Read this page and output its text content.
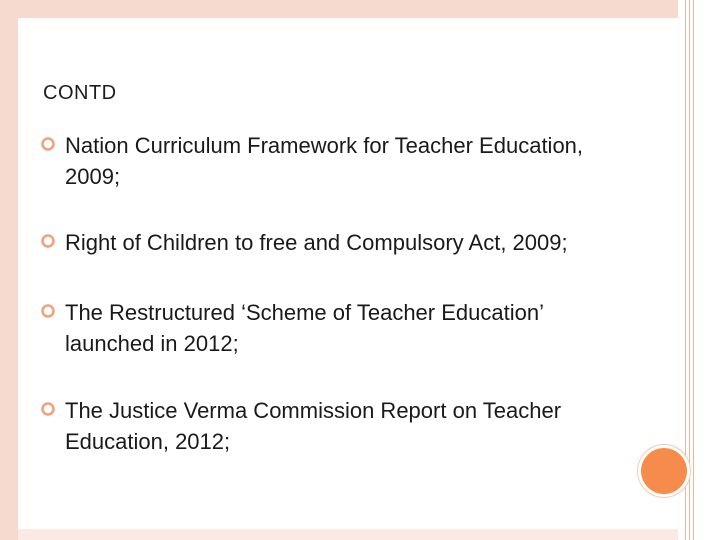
CONTD
Nation Curriculum Framework for Teacher Education, 2009;
Right of Children to free and Compulsory Act, 2009;
The Restructured ‘Scheme of Teacher Education’ launched in 2012;
The Justice Verma Commission Report on Teacher Education, 2012;
